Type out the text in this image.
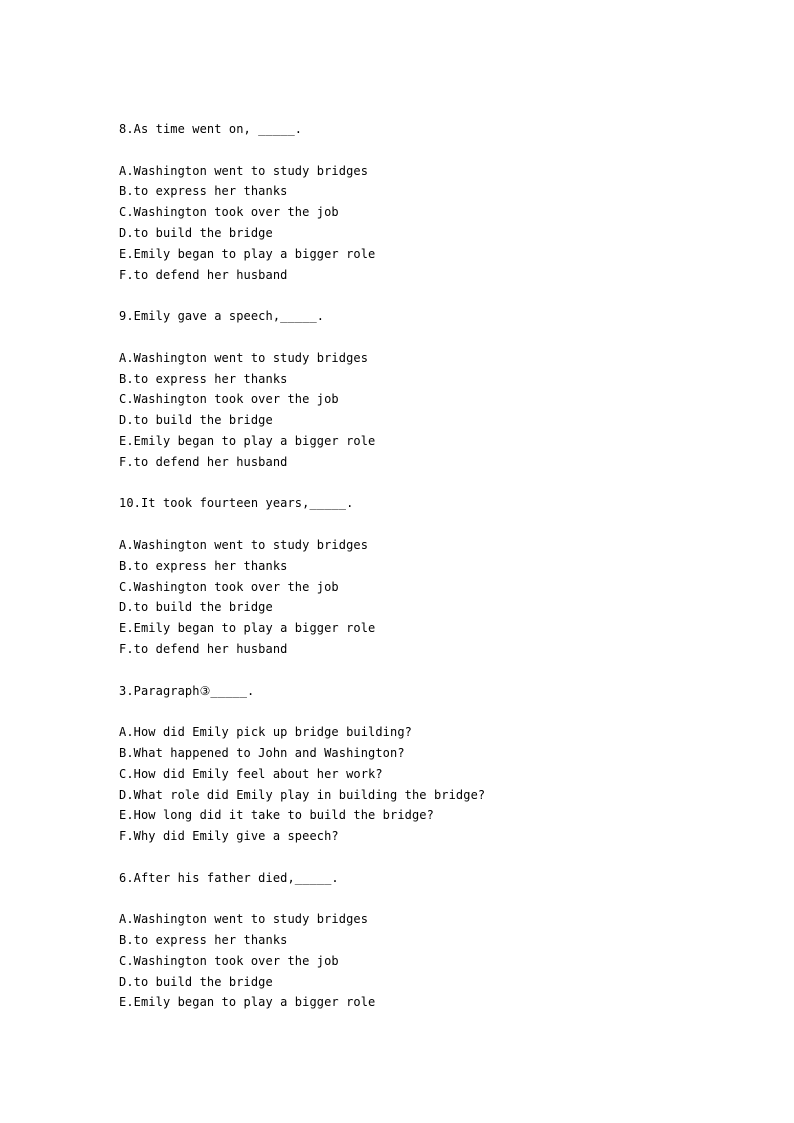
8.As time went on, _____.
A.Washington went to study bridges
B.to express her thanks
C.Washington took over the job
D.to build the bridge
E.Emily began to play a bigger role
F.to defend her husband
9.Emily gave a speech,_____.
A.Washington went to study bridges
B.to express her thanks
C.Washington took over the job
D.to build the bridge
E.Emily began to play a bigger role
F.to defend her husband
10.It took fourteen years,_____.
A.Washington went to study bridges
B.to express her thanks
C.Washington took over the job
D.to build the bridge
E.Emily began to play a bigger role
F.to defend her husband
3.Paragraph③_____.
A.How did Emily pick up bridge building?
B.What happened to John and Washington?
C.How did Emily feel about her work?
D.What role did Emily play in building the bridge?
E.How long did it take to build the bridge?
F.Why did Emily give a speech?
6.After his father died,_____.
A.Washington went to study bridges
B.to express her thanks
C.Washington took over the job
D.to build the bridge
E.Emily began to play a bigger role
